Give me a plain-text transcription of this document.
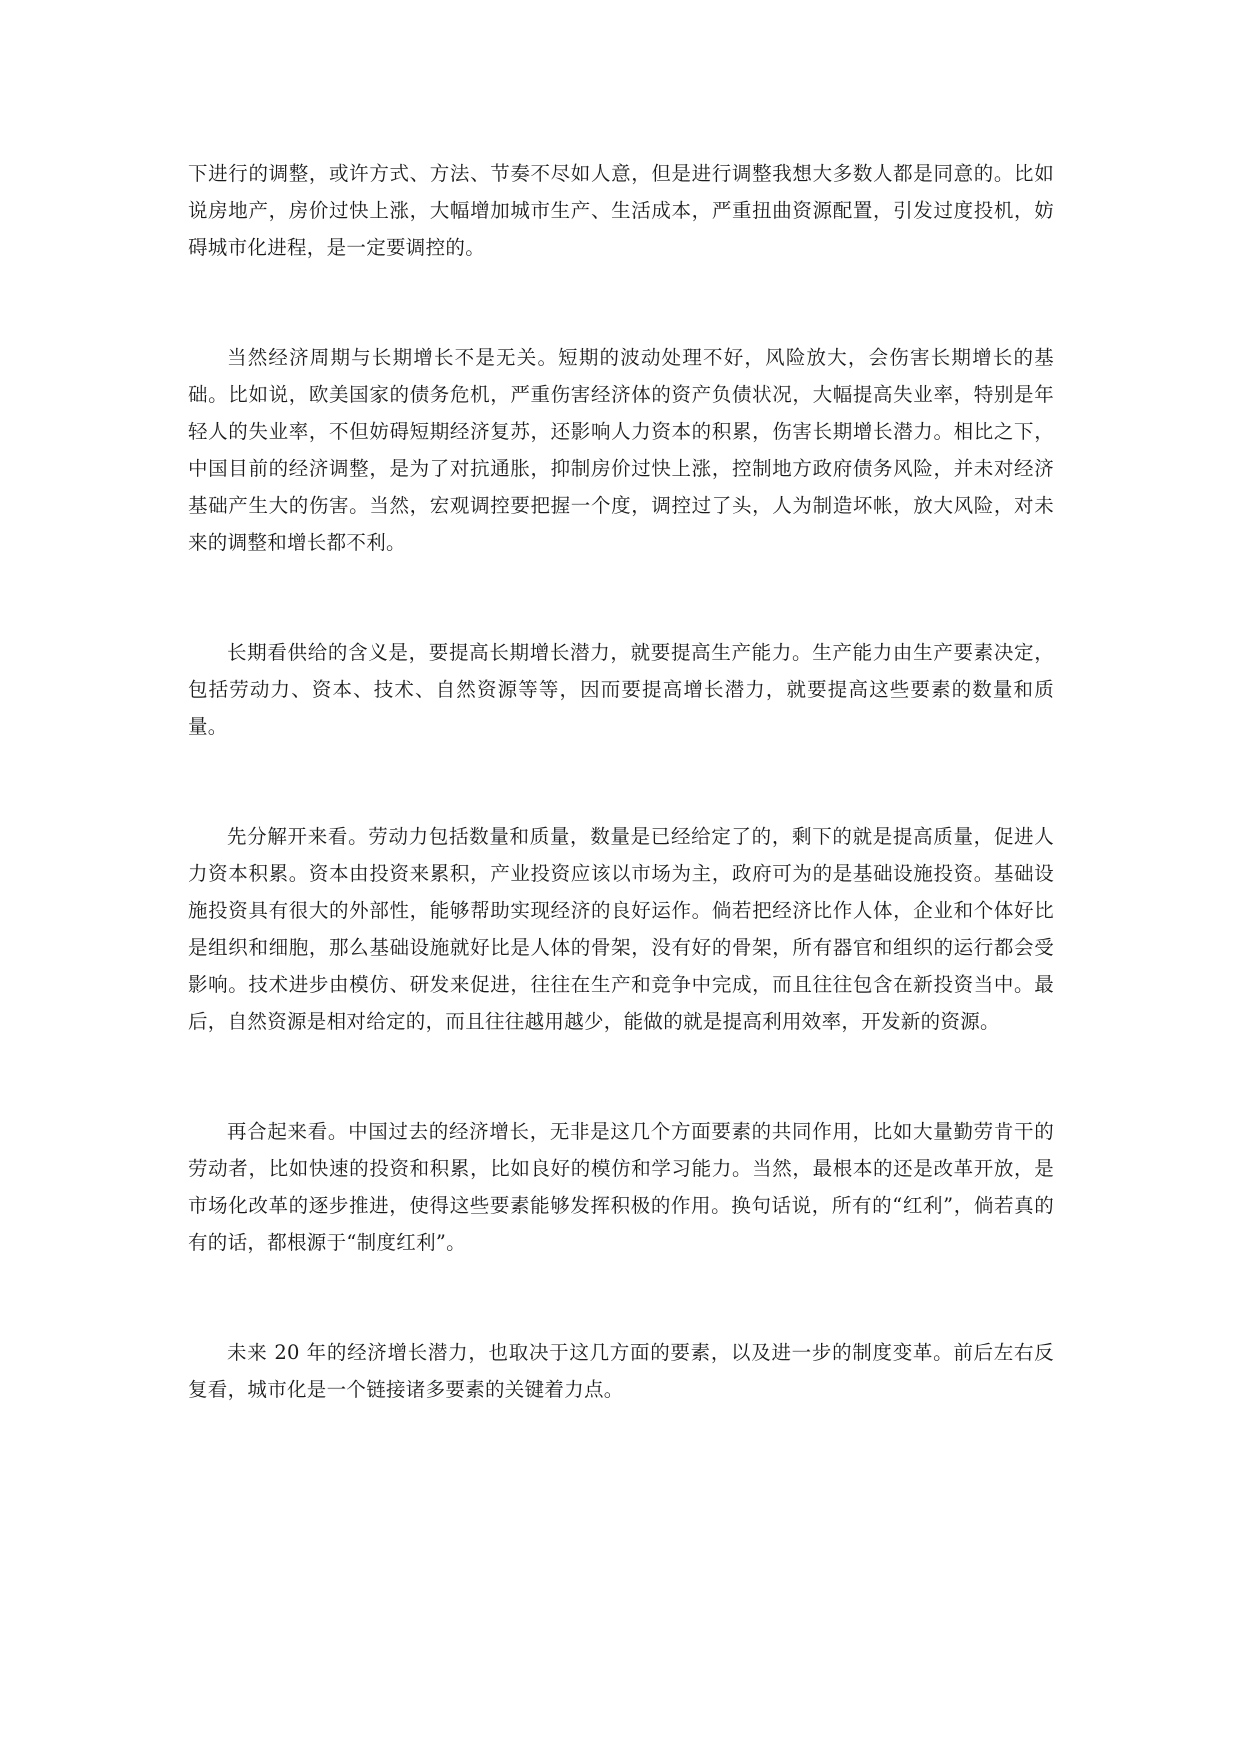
下进行的调整，或许方式、方法、节奏不尽如人意，但是进行调整我想大多数人都是同意的。比如说房地产，房价过快上涨，大幅增加城市生产、生活成本，严重扭曲资源配置，引发过度投机，妨碍城市化进程，是一定要调控的。

当然经济周期与长期增长不是无关。短期的波动处理不好，风险放大，会伤害长期增长的基础。比如说，欧美国家的债务危机，严重伤害经济体的资产负债状况，大幅提高失业率，特别是年轻人的失业率，不但妨碍短期经济复苏，还影响人力资本的积累，伤害长期增长潜力。相比之下，中国目前的经济调整，是为了对抗通胀，抑制房价过快上涨，控制地方政府债务风险，并未对经济基础产生大的伤害。当然，宏观调控要把握一个度，调控过了头，人为制造坏帐，放大风险，对未来的调整和增长都不利。

长期看供给的含义是，要提高长期增长潜力，就要提高生产能力。生产能力由生产要素决定，包括劳动力、资本、技术、自然资源等等，因而要提高增长潜力，就要提高这些要素的数量和质量。

先分解开来看。劳动力包括数量和质量，数量是已经给定了的，剩下的就是提高质量，促进人力资本积累。资本由投资来累积，产业投资应该以市场为主，政府可为的是基础设施投资。基础设施投资具有很大的外部性，能够帮助实现经济的良好运作。倘若把经济比作人体，企业和个体好比是组织和细胞，那么基础设施就好比是人体的骨架，没有好的骨架，所有器官和组织的运行都会受影响。技术进步由模仿、研发来促进，往往在生产和竞争中完成，而且往往包含在新投资当中。最后，自然资源是相对给定的，而且往往越用越少，能做的就是提高利用效率，开发新的资源。

再合起来看。中国过去的经济增长，无非是这几个方面要素的共同作用，比如大量勤劳肯干的劳动者，比如快速的投资和积累，比如良好的模仿和学习能力。当然，最根本的还是改革开放，是市场化改革的逐步推进，使得这些要素能够发挥积极的作用。换句话说，所有的“红利”，倘若真的有的话，都根源于“制度红利”。

未来 20 年的经济增长潜力，也取决于这几方面的要素，以及进一步的制度变革。前后左右反复看，城市化是一个链接诸多要素的关键着力点。
